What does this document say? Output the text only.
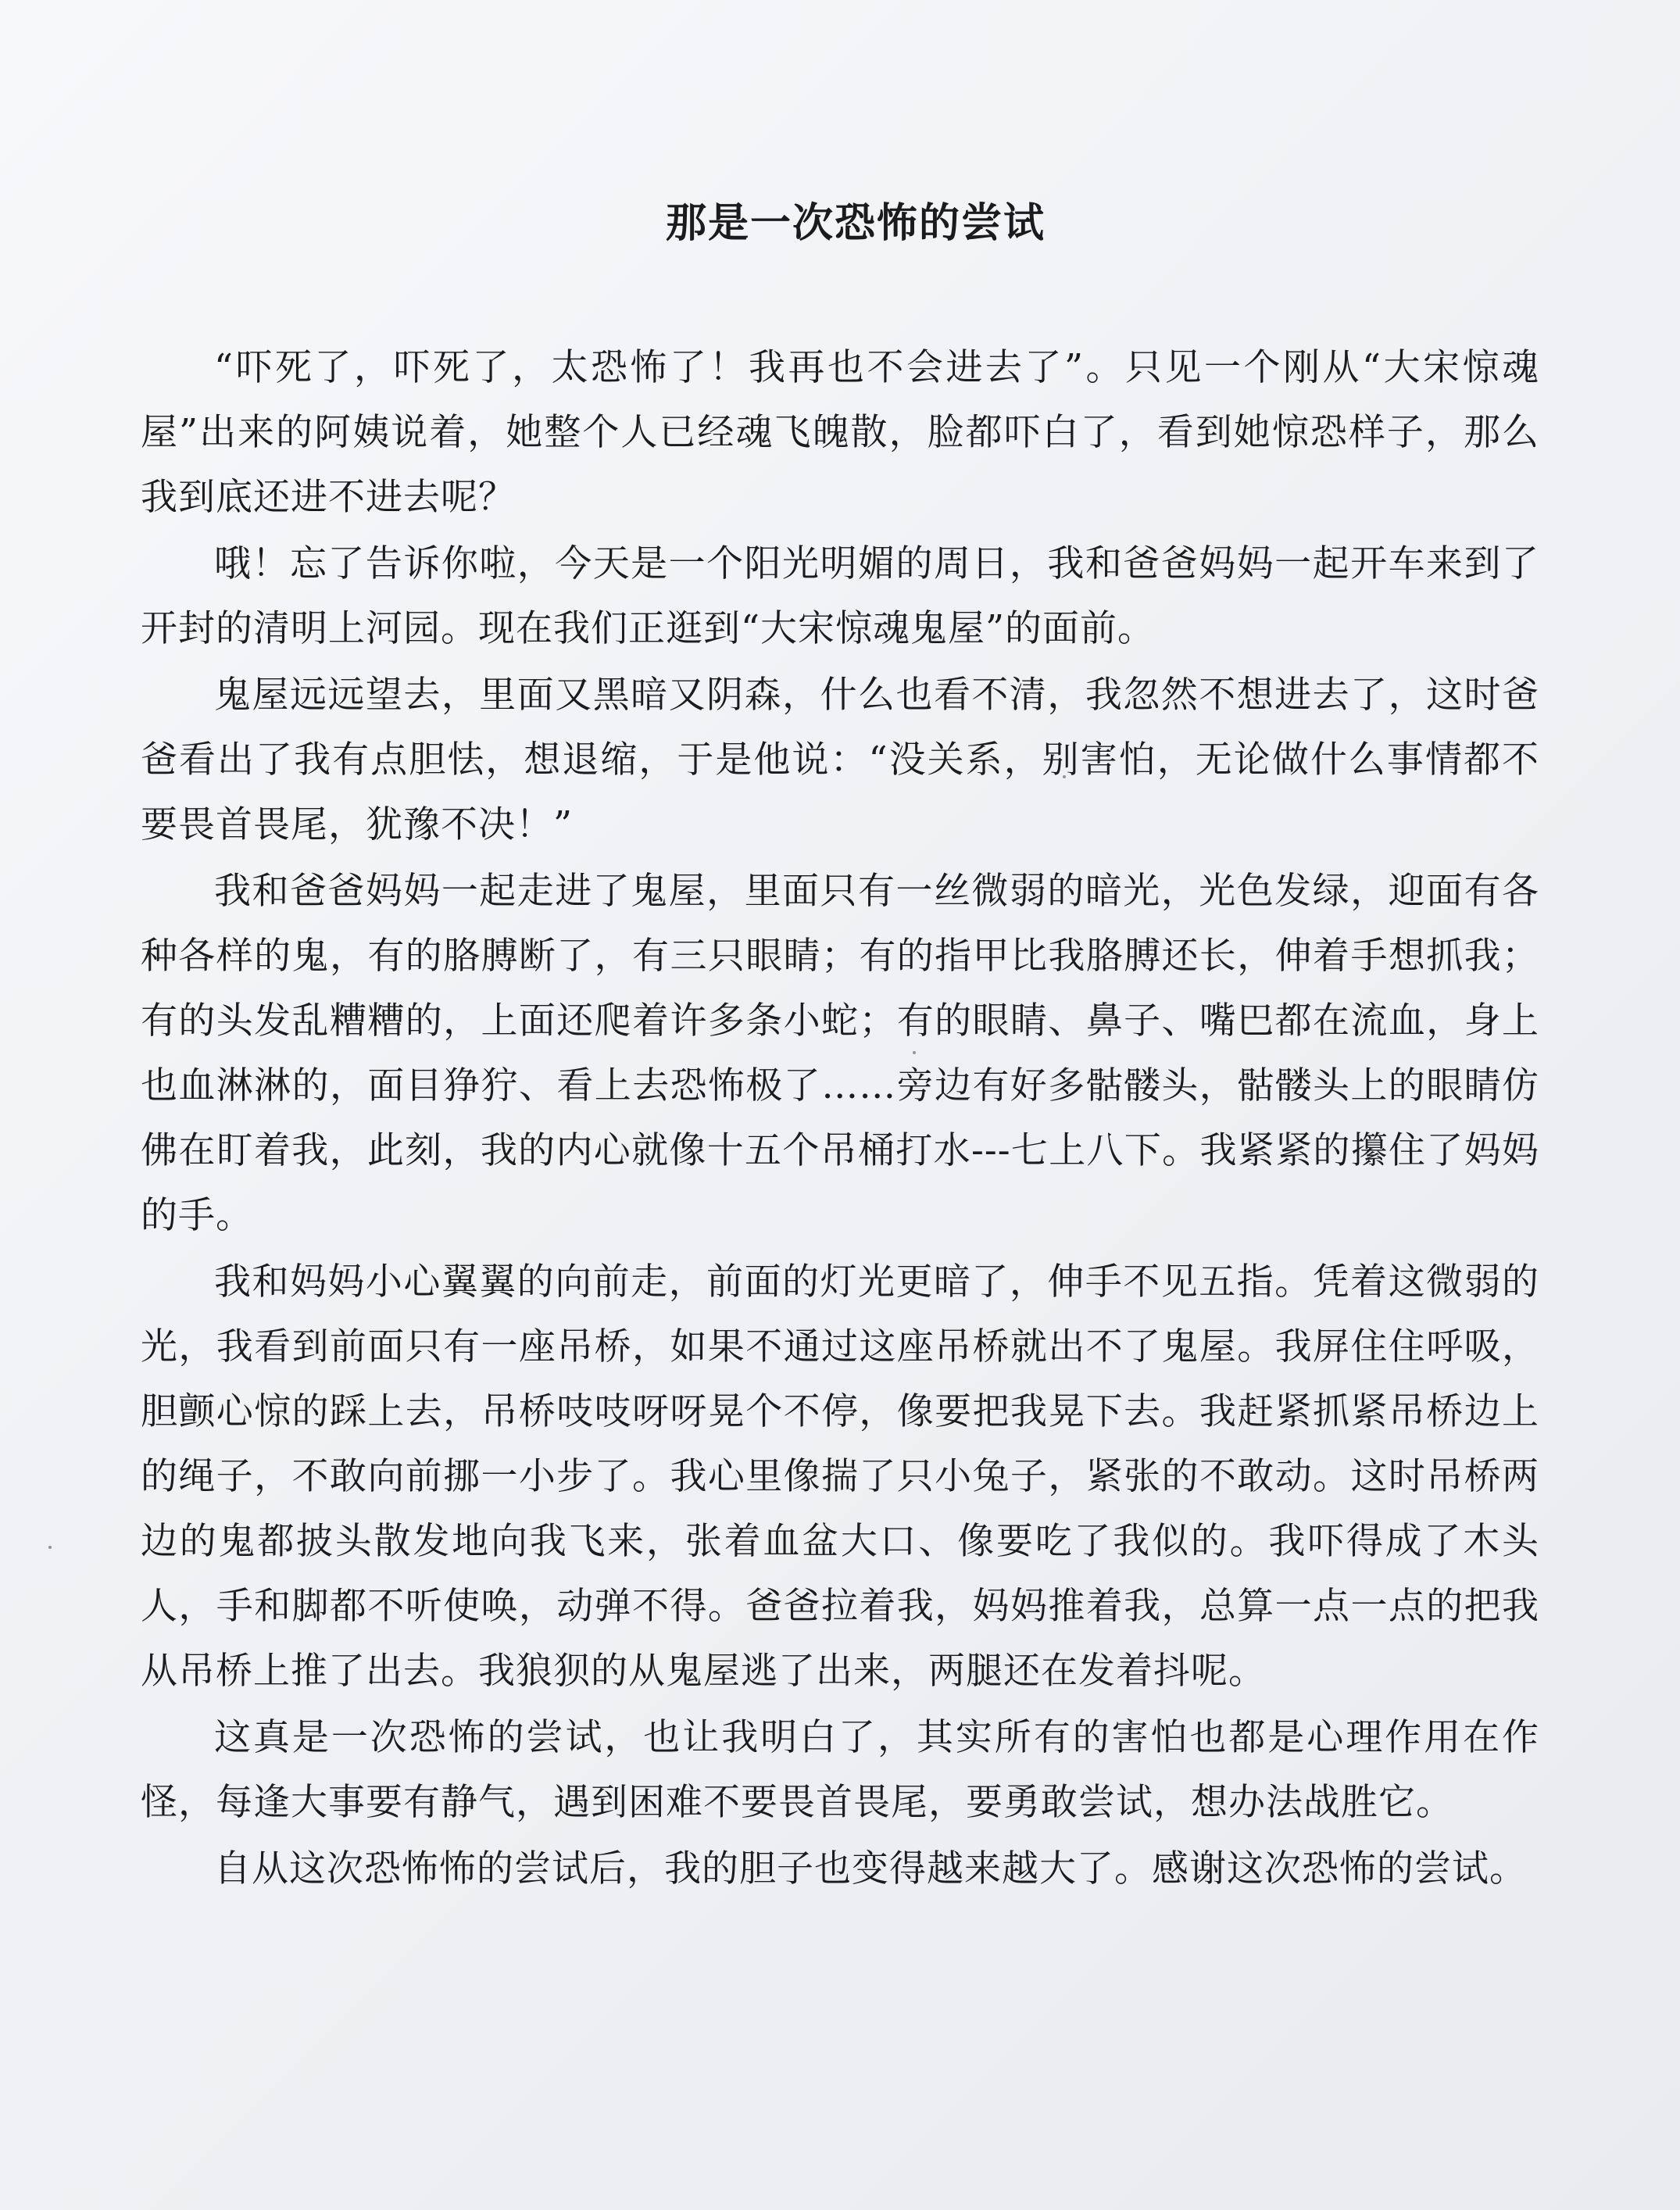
那是一次恐怖的尝试

“吓死了，吓死了，太恐怖了！我再也不会进去了”。只见一个刚从“大宋惊魂屋”出来的阿姨说着，她整个人已经魂飞魄散，脸都吓白了，看到她惊恐样子，那么我到底还进不进去呢？

哦！忘了告诉你啦，今天是一个阳光明媚的周日，我和爸爸妈妈一起开车来到了开封的清明上河园。现在我们正逛到“大宋惊魂鬼屋”的面前。

鬼屋远远望去，里面又黑暗又阴森，什么也看不清，我忽然不想进去了，这时爸爸看出了我有点胆怯，想退缩，于是他说：“没关系，别害怕，无论做什么事情都不要畏首畏尾，犹豫不决！”

我和爸爸妈妈一起走进了鬼屋，里面只有一丝微弱的暗光，光色发绿，迎面有各种各样的鬼，有的胳膊断了，有三只眼睛；有的指甲比我胳膊还长，伸着手想抓我；有的头发乱糟糟的，上面还爬着许多条小蛇；有的眼睛、鼻子、嘴巴都在流血，身上也血淋淋的，面目狰狞、看上去恐怖极了……旁边有好多骷髅头，骷髅头上的眼睛仿佛在盯着我，此刻，我的内心就像十五个吊桶打水---七上八下。我紧紧的攥住了妈妈的手。

我和妈妈小心翼翼的向前走，前面的灯光更暗了，伸手不见五指。凭着这微弱的光，我看到前面只有一座吊桥，如果不通过这座吊桥就出不了鬼屋。我屏住住呼吸，胆颤心惊的踩上去，吊桥吱吱呀呀晃个不停，像要把我晃下去。我赶紧抓紧吊桥边上的绳子，不敢向前挪一小步了。我心里像揣了只小兔子，紧张的不敢动。这时吊桥两边的鬼都披头散发地向我飞来，张着血盆大口、像要吃了我似的。我吓得成了木头人，手和脚都不听使唤，动弹不得。爸爸拉着我，妈妈推着我，总算一点一点的把我从吊桥上推了出去。我狼狈的从鬼屋逃了出来，两腿还在发着抖呢。

这真是一次恐怖的尝试，也让我明白了，其实所有的害怕也都是心理作用在作怪，每逢大事要有静气，遇到困难不要畏首畏尾，要勇敢尝试，想办法战胜它。

自从这次恐怖怖的尝试后，我的胆子也变得越来越大了。感谢这次恐怖的尝试。
